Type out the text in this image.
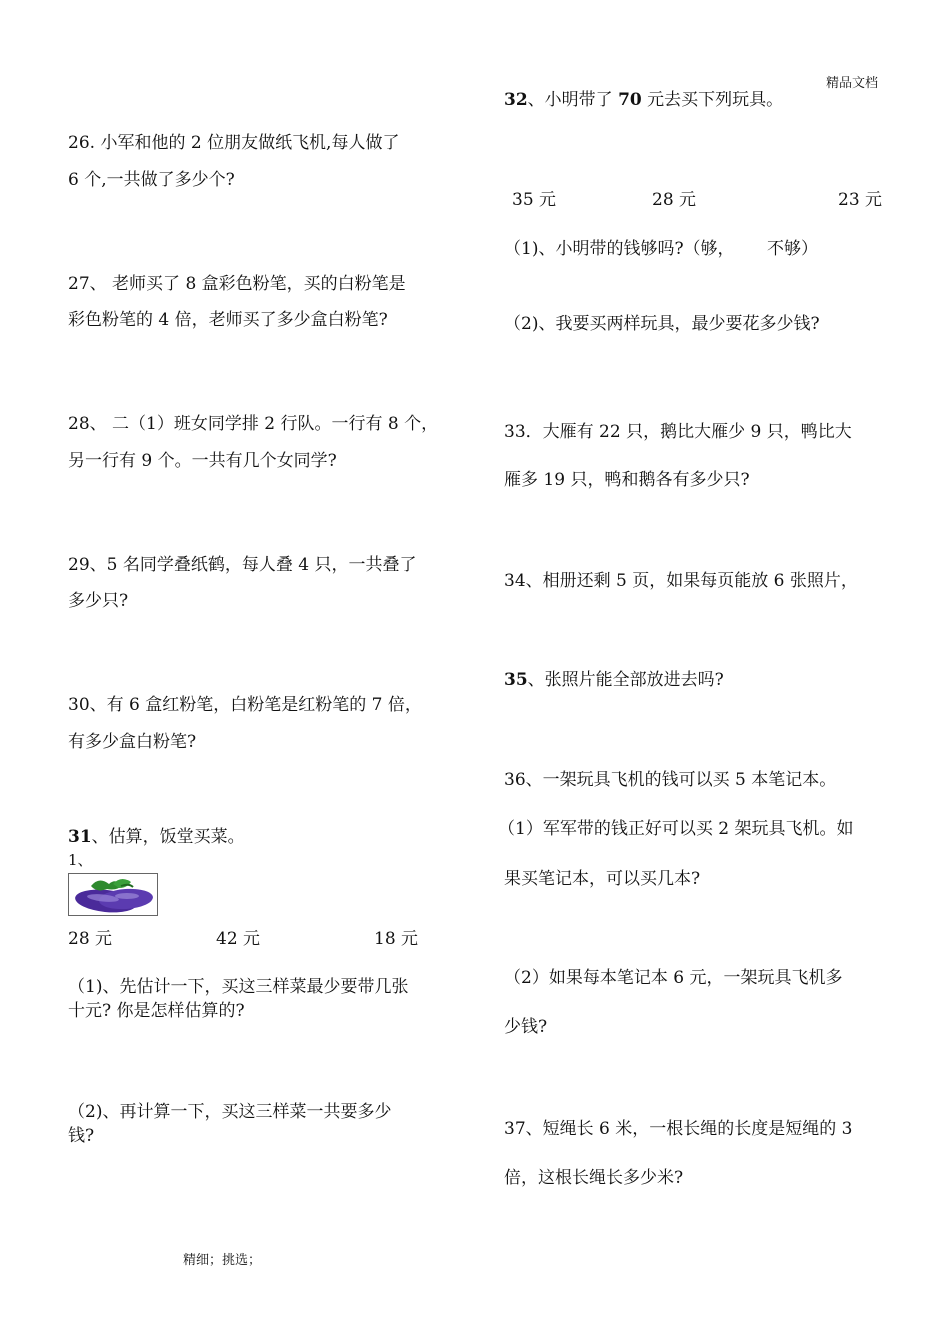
精品文档
精细；挑选；
26. 小军和他的 2 位朋友做纸飞机,每人做了
6 个,一共做了多少个?
27、 老师买了 8 盒彩色粉笔，买的白粉笔是
彩色粉笔的 4 倍，老师买了多少盒白粉笔?
28、 二（1）班女同学排 2 行队。一行有 8 个，
另一行有 9 个。一共有几个女同学?
29、5 名同学叠纸鹤，每人叠 4 只，一共叠了
多少只?
30、有 6 盒红粉笔，白粉笔是红粉笔的 7 倍，
有多少盒白粉笔?
31、估算，饭堂买菜。
1、
28 元	42 元	18 元
（1)、先估计一下，买这三样菜最少要带几张
十元? 你是怎样估算的?
（2)、再计算一下，买这三样菜一共要多少
钱?
32、小明带了 70 元去买下列玩具。
35 元	28 元	23 元
（1)、小明带的钱够吗?（够，      不够）
（2)、我要买两样玩具，最少要花多少钱?
33．大雁有 22 只，鹅比大雁少 9 只，鸭比大
雁多 19 只，鸭和鹅各有多少只?
34、相册还剩 5 页，如果每页能放 6 张照片，
35、张照片能全部放进去吗?
36、一架玩具飞机的钱可以买 5 本笔记本。
（1）军军带的钱正好可以买 2 架玩具飞机。如
果买笔记本，可以买几本?
（2）如果每本笔记本 6 元，一架玩具飞机多
少钱?
37、短绳长 6 米，一根长绳的长度是短绳的 3
倍，这根长绳长多少米?
